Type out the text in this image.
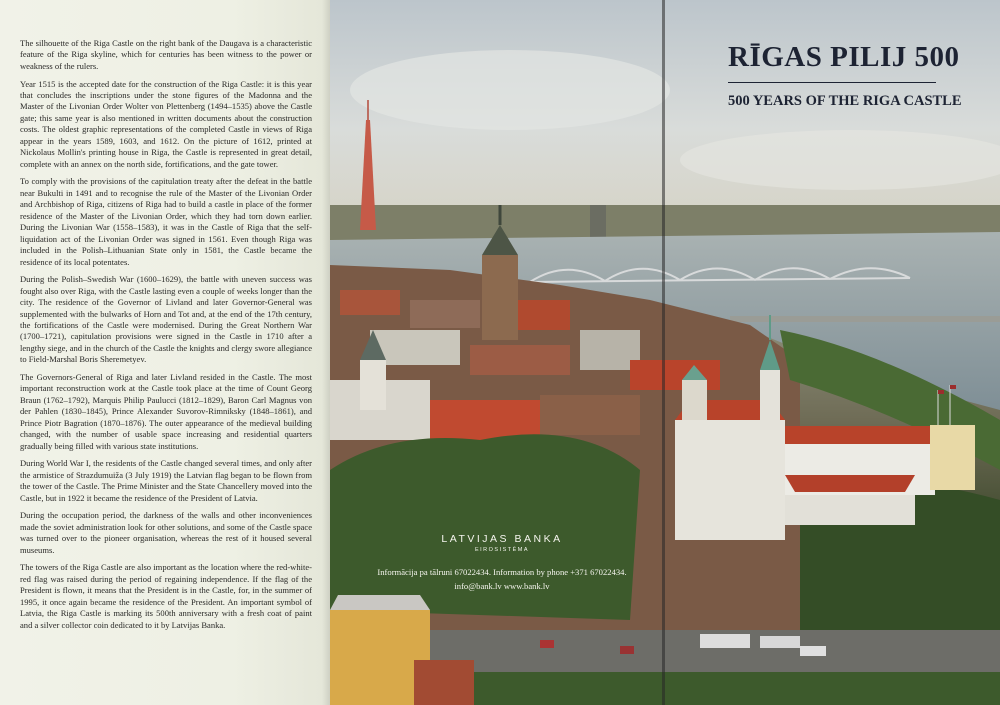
The silhouette of the Riga Castle on the right bank of the Daugava is a characteristic feature of the Riga skyline, which for centuries has been witness to the power or weakness of the rulers.

Year 1515 is the accepted date for the construction of the Riga Castle: it is this year that concludes the inscriptions under the stone figures of the Madonna and the Master of the Livonian Order Wolter von Plettenberg (1494–1535) above the Castle gate; this same year is also mentioned in written documents about the construction costs. The oldest graphic representations of the completed Castle in views of Riga appear in the years 1589, 1603, and 1612. On the picture of 1612, printed at Nickolaus Mollin's printing house in Riga, the Castle is represented in great detail, complete with an annex on the north side, fortifications, and the gate tower.

To comply with the provisions of the capitulation treaty after the defeat in the battle near Bukulti in 1491 and to recognise the rule of the Master of the Livonian Order and Archbishop of Riga, citizens of Riga had to build a castle in place of the former residence of the Master of the Livonian Order, which they had torn down earlier. During the Livonian War (1558–1583), it was in the Castle of Riga that the self-liquidation act of the Livonian Order was signed in 1561. Even though Riga was included in the Polish–Lithuanian State only in 1581, the Castle became the residence of its local potentates.

During the Polish–Swedish War (1600–1629), the battle with uneven success was fought also over Riga, with the Castle lasting even a couple of weeks longer than the city. The residence of the Governor of Livland and later Governor-General was supplemented with the bulwarks of Horn and Tot and, at the end of the 17th century, the fortifications of the Castle were modernised. During the Great Northern War (1700–1721), capitulation provisions were signed in the Castle in 1710 after a lengthy siege, and in the church of the Castle the knights and clergy swore allegiance to Field-Marshal Boris Sheremetyev.

The Governors-General of Riga and later Livland resided in the Castle. The most important reconstruction work at the Castle took place at the time of Count Georg Braun (1762–1792), Marquis Philip Paulucci (1812–1829), Baron Carl Magnus von der Pahlen (1830–1845), Prince Alexander Suvorov-Rimniksky (1848–1861), and Prince Piotr Bagration (1870–1876). The outer appearance of the medieval building changed, with the number of usable space increasing and residential quarters gradually being filled with various state institutions.

During World War I, the residents of the Castle changed several times, and only after the armistice of Strazdumuiža (3 July 1919) the Latvian flag began to be flown from the tower of the Castle. The Prime Minister and the State Chancellery moved into the Castle, but in 1922 it became the residence of the President of Latvia.

During the occupation period, the darkness of the walls and other inconveniences made the soviet administration look for other solutions, and some of the Castle space was turned over to the pioneer organisation, whereas the rest of it housed several museums.

The towers of the Riga Castle are also important as the location where the red-white-red flag was raised during the period of regaining independence. If the flag of the President is flown, it means that the President is in the Castle, for, in the summer of 1995, it once again became the residence of the President. An important symbol of Latvia, the Riga Castle is marking its 500th anniversary with a fresh coat of paint and a silver collector coin dedicated to it by Latvijas Banka.

RĪGAS PILIJ 500
500 YEARS OF THE RIGA CASTLE
LATVIJAS BANKA
EIROSISTĒMA
Informācija pa tālruni 67022434. Information by phone +371 67022434.
info@bank.lv www.bank.lv
